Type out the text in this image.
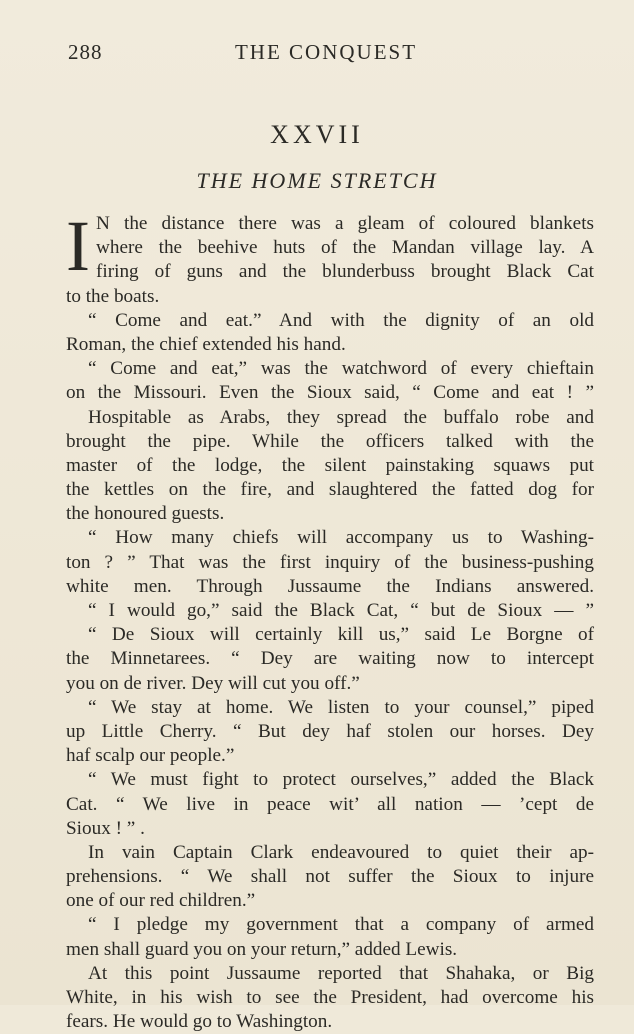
288	THE CONQUEST
XXVII
THE HOME STRETCH
I N the distance there was a gleam of coloured blankets
where the beehive huts of the Mandan village lay. A
firing of guns and the blunderbuss brought Black Cat
to the boats.
“ Come and eat.” And with the dignity of an old
Roman, the chief extended his hand.
“ Come and eat,” was the watchword of every chieftain
on the Missouri. Even the Sioux said, “ Come and eat ! ”
Hospitable as Arabs, they spread the buffalo robe and
brought the pipe. While the officers talked with the
master of the lodge, the silent painstaking squaws put
the kettles on the fire, and slaughtered the fatted dog for
the honoured guests.
“ How many chiefs will accompany us to Washing-
ton ? ” That was the first inquiry of the business-pushing
white men. Through Jussaume the Indians answered.
“ I would go,” said the Black Cat, “ but de Sioux — ”
“ De Sioux will certainly kill us,” said Le Borgne of
the Minnetarees. “ Dey are waiting now to intercept
you on de river. Dey will cut you off.”
“ We stay at home. We listen to your counsel,” piped
up Little Cherry. “ But dey haf stolen our horses. Dey
haf scalp our people.”
“ We must fight to protect ourselves,” added the Black
Cat. “ We live in peace wit’ all nation — ’cept de
Sioux ! ” .
In vain Captain Clark endeavoured to quiet their ap-
prehensions. “ We shall not suffer the Sioux to injure
one of our red children.”
“ I pledge my government that a company of armed
men shall guard you on your return,” added Lewis.
At this point Jussaume reported that Shahaka, or Big
White, in his wish to see the President, had overcome his
fears. He would go to Washington.
